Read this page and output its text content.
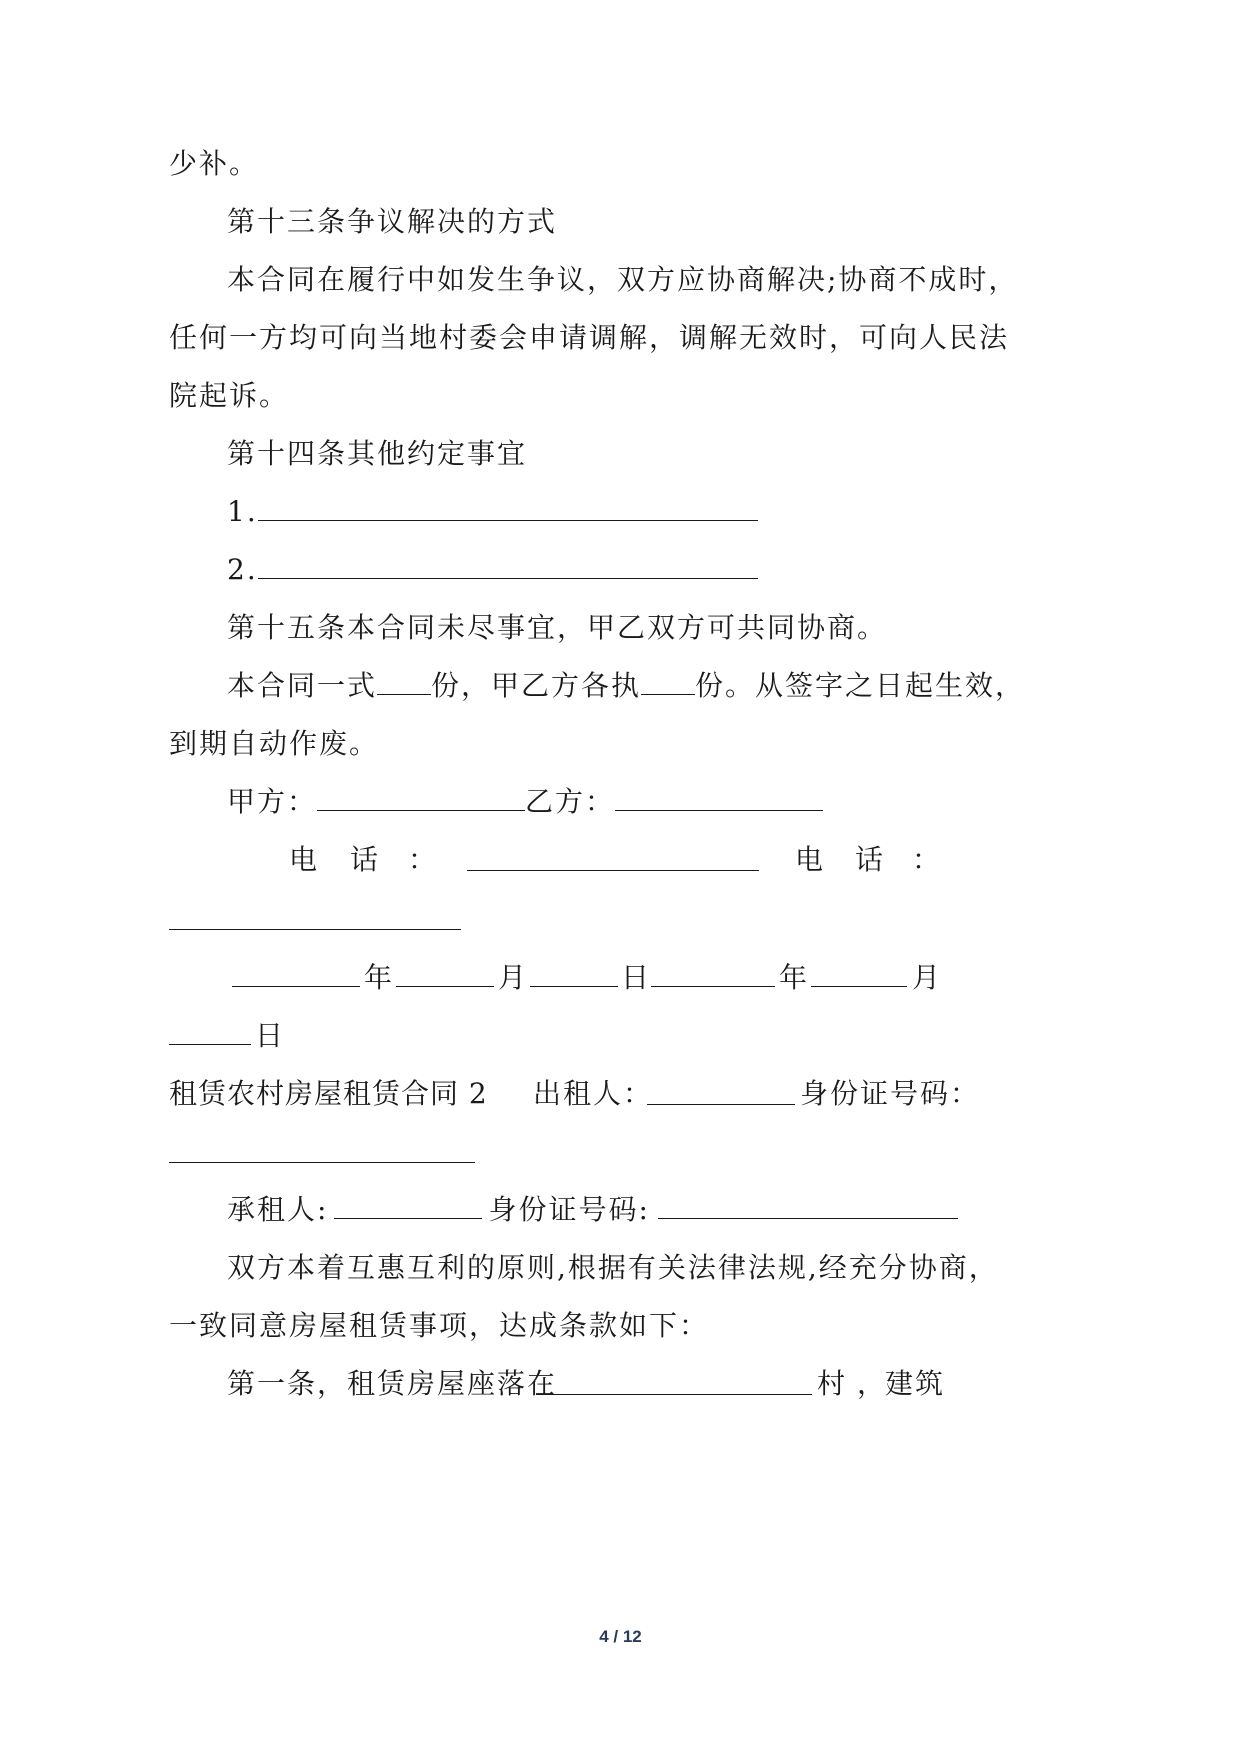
少补。
第十三条争议解决的方式
本合同在履行中如发生争议，双方应协商解决;协商不成时，
任何一方均可向当地村委会申请调解，调解无效时，可向人民法
院起诉。
第十四条其他约定事宜
1.
2.
第十五条本合同未尽事宜，甲乙双方可共同协商。
本合同一式 份，甲乙方各执 份。从签字之日起生效，
到期自动作废。
甲方：	乙方：
电 话 ：	电 话 ：
年	月	日	年	月
日
租赁农村房屋租赁合同 2 出租人：	身份证号码：
承租人:	身份证号码:
双方本着互惠互利的原则,根据有关法律法规,经充分协商，
一致同意房屋租赁事项，达成条款如下：
第一条，租赁房屋座落在	村 ， 建筑
4 / 12
